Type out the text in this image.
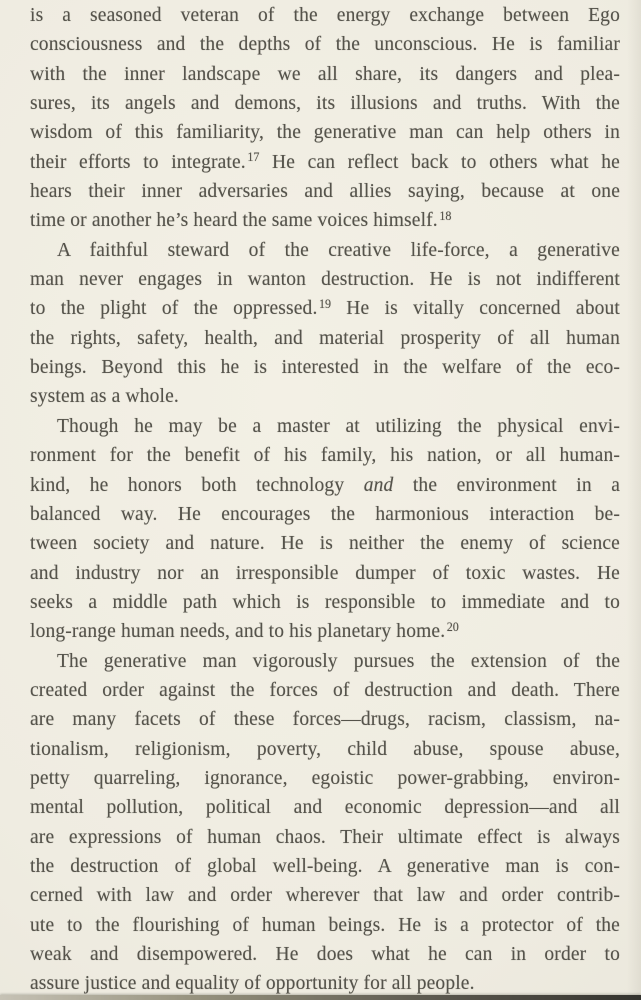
is a seasoned veteran of the energy exchange between Ego
consciousness and the depths of the unconscious. He is familiar
with the inner landscape we all share, its dangers and plea-
sures, its angels and demons, its illusions and truths. With the
wisdom of this familiarity, the generative man can help others in
their efforts to integrate. $^{17}$ He can reflect back to others what he
hears their inner adversaries and allies saying, because at one
time or another he’s heard the same voices himself. $^{18}$
A faithful steward of the creative life-force, a generative
man never engages in wanton destruction. He is not indifferent
to the plight of the oppressed. $^{19}$ He is vitally concerned about
the rights, safety, health, and material prosperity of all human
beings. Beyond this he is interested in the welfare of the eco-
system as a whole.
Though he may be a master at utilizing the physical envi-
ronment for the benefit of his family, his nation, or all human-
kind, he honors both technology and the environment in a
balanced way. He encourages the harmonious interaction be-
tween society and nature. He is neither the enemy of science
and industry nor an irresponsible dumper of toxic wastes. He
seeks a middle path which is responsible to immediate and to
long-range human needs, and to his planetary home. $^{20}$
The generative man vigorously pursues the extension of the
created order against the forces of destruction and death. There
are many facets of these forces—drugs, racism, classism, na-
tionalism, religionism, poverty, child abuse, spouse abuse,
petty quarreling, ignorance, egoistic power-grabbing, environ-
mental pollution, political and economic depression—and all
are expressions of human chaos. Their ultimate effect is always
the destruction of global well-being. A generative man is con-
cerned with law and order wherever that law and order contrib-
ute to the flourishing of human beings. He is a protector of the
weak and disempowered. He does what he can in order to
assure justice and equality of opportunity for all people.
